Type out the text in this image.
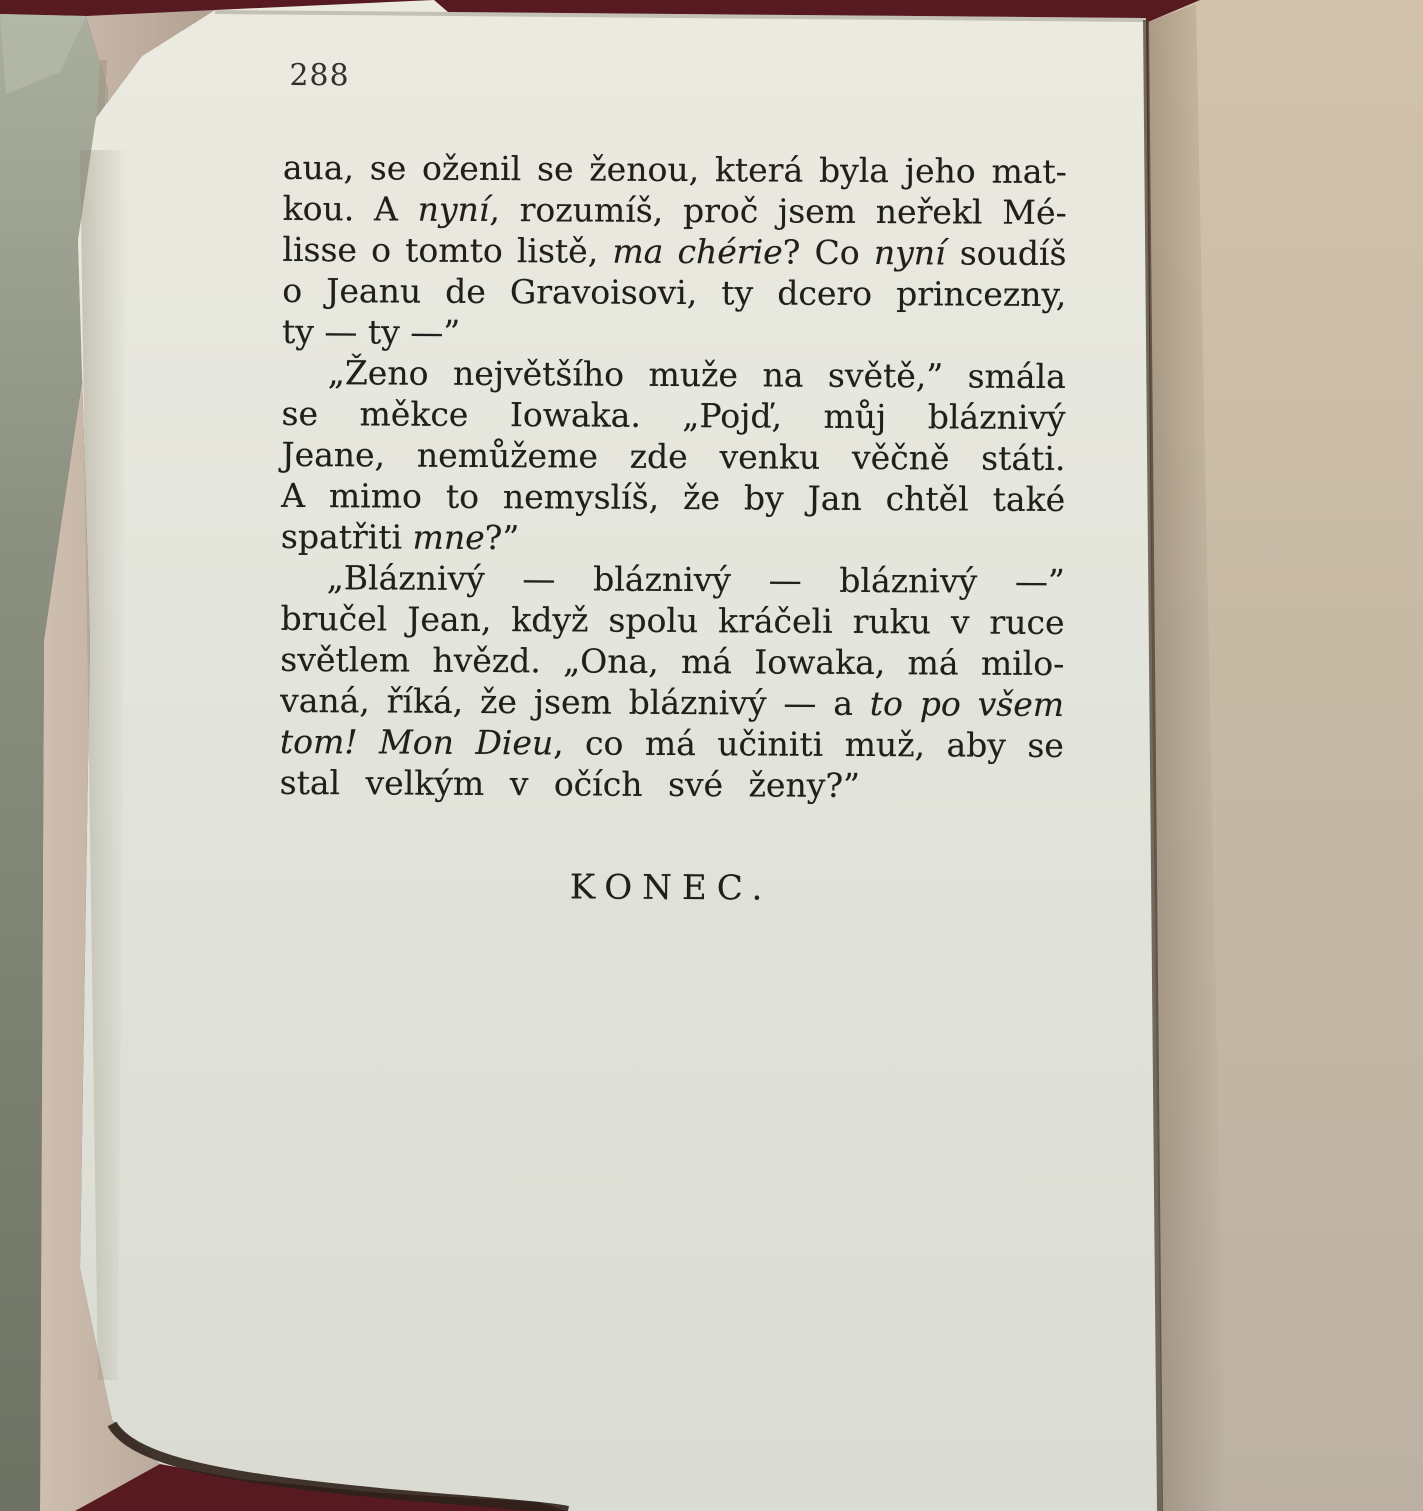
288
aua, se oženil se ženou, která byla jeho mat-
kou. A nyní, rozumíš, proč jsem neřekl Mé-
lisse o tomto listě, ma chérie? Co nyní soudíš
o Jeanu de Gravoisovi, ty dcero princezny,
ty — ty —”
„Ženo největšího muže na světě,” smála
se měkce Iowaka. „Pojď, můj bláznivý
Jeane, nemůžeme zde venku věčně státi.
A mimo to nemyslíš, že by Jan chtěl také
spatřiti mne?”
„Bláznivý — bláznivý — bláznivý —”
bručel Jean, když spolu kráčeli ruku v ruce
světlem hvězd. „Ona, má Iowaka, má milo-
vaná, říká, že jsem bláznivý — a to po všem
tom! Mon Dieu, co má učiniti muž, aby se
stal velkým v očích své ženy?”
KONEC.
